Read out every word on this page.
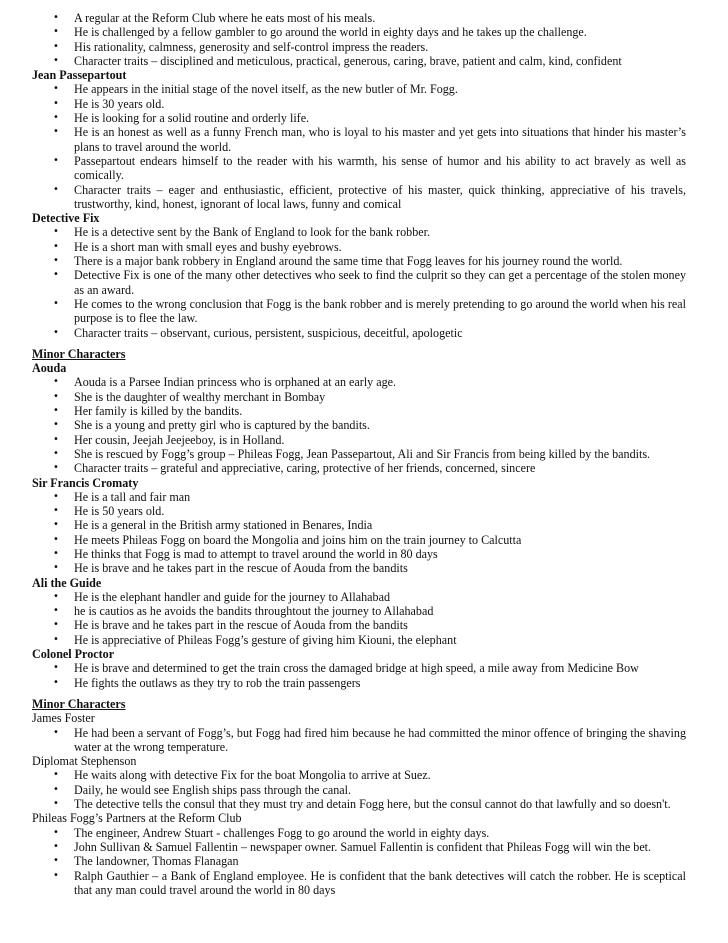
• A regular at the Reform Club where he eats most of his meals.
• He is challenged by a fellow gambler to go around the world in eighty days and he takes up the challenge.
• His rationality, calmness, generosity and self-control impress the readers.
• Character traits – disciplined and meticulous, practical, generous, caring, brave, patient and calm, kind, confident
Jean Passepartout
• He appears in the initial stage of the novel itself, as the new butler of Mr. Fogg.
• He is 30 years old.
• He is looking for a solid routine and orderly life.
• He is an honest as well as a funny French man, who is loyal to his master and yet gets into situations that hinder his master’s plans to travel around the world.
• Passepartout endears himself to the reader with his warmth, his sense of humor and his ability to act bravely as well as comically.
• Character traits – eager and enthusiastic, efficient, protective of his master, quick thinking, appreciative of his travels, trustworthy, kind, honest, ignorant of local laws, funny and comical
Detective Fix
• He is a detective sent by the Bank of England to look for the bank robber.
• He is a short man with small eyes and bushy eyebrows.
• There is a major bank robbery in England around the same time that Fogg leaves for his journey round the world.
• Detective Fix is one of the many other detectives who seek to find the culprit so they can get a percentage of the stolen money as an award.
• He comes to the wrong conclusion that Fogg is the bank robber and is merely pretending to go around the world when his real purpose is to flee the law.
• Character traits – observant, curious, persistent, suspicious, deceitful, apologetic
Minor Characters
Aouda
• Aouda is a Parsee Indian princess who is orphaned at an early age.
• She is the daughter of wealthy merchant in Bombay
• Her family is killed by the bandits.
• She is a young and pretty girl who is captured by the bandits.
• Her cousin, Jeejah Jeejeeboy, is in Holland.
• She is rescued by Fogg’s group – Phileas Fogg, Jean Passepartout, Ali and Sir Francis from being killed by the bandits.
• Character traits – grateful and appreciative, caring, protective of her friends, concerned, sincere
Sir Francis Cromaty
• He is a tall and fair man
• He is 50 years old.
• He is a general in the British army stationed in Benares, India
• He meets Phileas Fogg on board the Mongolia and joins him on the train journey to Calcutta
• He thinks that Fogg is mad to attempt to travel around the world in 80 days
• He is brave and he takes part in the rescue of Aouda from the bandits
Ali the Guide
• He is the elephant handler and guide for the journey to Allahabad
• he is cautios as he avoids the bandits throughtout the journey to Allahabad
• He is brave and he takes part in the rescue of Aouda from the bandits
• He is appreciative of Phileas Fogg’s gesture of giving him Kiouni, the elephant
Colonel Proctor
• He is brave and determined to get the train cross the damaged bridge at high speed, a mile away from Medicine Bow
• He fights the outlaws as they try to rob the train passengers
Minor Characters
James Foster
• He had been a servant of Fogg’s, but Fogg had fired him because he had committed the minor offence of bringing the shaving water at the wrong temperature.
Diplomat Stephenson
• He waits along with detective Fix for the boat Mongolia to arrive at Suez.
• Daily, he would see English ships pass through the canal.
• The detective tells the consul that they must try and detain Fogg here, but the consul cannot do that lawfully and so doesn't.
Phileas Fogg’s Partners at the Reform Club
• The engineer, Andrew Stuart - challenges Fogg to go around the world in eighty days.
• John Sullivan & Samuel Fallentin – newspaper owner. Samuel Fallentin is confident that Phileas Fogg will win the bet.
• The landowner, Thomas Flanagan
• Ralph Gauthier – a Bank of England employee. He is confident that the bank detectives will catch the robber. He is sceptical that any man could travel around the world in 80 days
